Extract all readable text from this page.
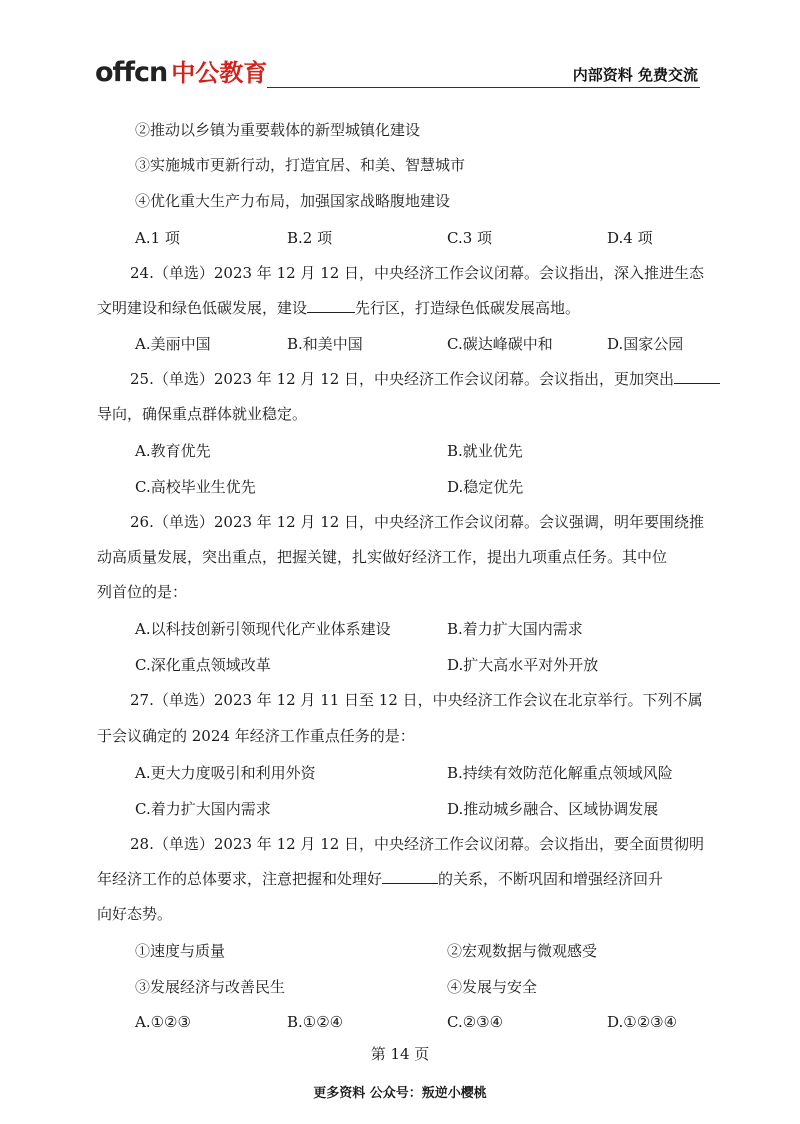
offcn 中公教育	内部资料 免费交流
②推动以乡镇为重要载体的新型城镇化建设
③实施城市更新行动，打造宜居、和美、智慧城市
④优化重大生产力布局，加强国家战略腹地建设
A.1 项	B.2 项	C.3 项	D.4 项
24.（单选）2023 年 12 月 12 日，中央经济工作会议闭幕。会议指出，深入推进生态
文明建设和绿色低碳发展，建设	先行区，打造绿色低碳发展高地。
A.美丽中国	B.和美中国	C.碳达峰碳中和	D.国家公园
25.（单选）2023 年 12 月 12 日，中央经济工作会议闭幕。会议指出，更加突出
导向，确保重点群体就业稳定。
A.教育优先	B.就业优先
C.高校毕业生优先	D.稳定优先
26.（单选）2023 年 12 月 12 日，中央经济工作会议闭幕。会议强调，明年要围绕推
动高质量发展，突出重点，把握关键，扎实做好经济工作，提出九项重点任务。其中位
列首位的是：
A.以科技创新引领现代化产业体系建设	B.着力扩大国内需求
C.深化重点领域改革	D.扩大高水平对外开放
27.（单选）2023 年 12 月 11 日至 12 日，中央经济工作会议在北京举行。下列不属
于会议确定的 2024 年经济工作重点任务的是：
A.更大力度吸引和利用外资	B.持续有效防范化解重点领域风险
C.着力扩大国内需求	D.推动城乡融合、区域协调发展
28.（单选）2023 年 12 月 12 日，中央经济工作会议闭幕。会议指出，要全面贯彻明
年经济工作的总体要求，注意把握和处理好	的关系，不断巩固和增强经济回升
向好态势。
①速度与质量	②宏观数据与微观感受
③发展经济与改善民生	④发展与安全
A.①②③	B.①②④	C.②③④	D.①②③④
第 14 页
更多资料 公众号：叛逆小樱桃
